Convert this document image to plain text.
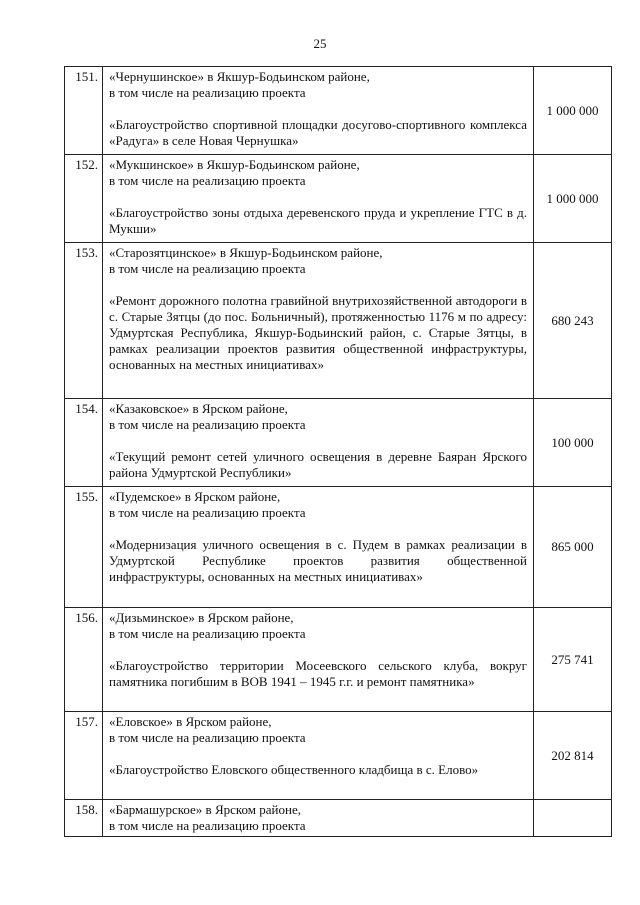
25
151.	«Чернушинское» в Якшур-Бодьинском районе,
в том числе на реализацию проекта
«Благоустройство спортивной площадки досугово-спортивного комплекса «Радуга» в селе Новая Чернушка»	1 000 000
152.	«Мукшинское» в Якшур-Бодьинском районе,
в том числе на реализацию проекта
«Благоустройство зоны отдыха деревенского пруда и укрепление ГТС в д. Мукши»	1 000 000
153.	«Старозятцинское» в Якшур-Бодьинском районе,
в том числе на реализацию проекта
«Ремонт дорожного полотна гравийной внутрихозяйственной автодороги в с. Старые Зятцы (до пос. Больничный), протяженностью 1176 м по адресу: Удмуртская Республика, Якшур-Бодьинский район, с. Старые Зятцы, в рамках реализации проектов развития общественной инфраструктуры, основанных на местных инициативах»	680 243
154.	«Казаковское» в Ярском районе,
в том числе на реализацию проекта
«Текущий ремонт сетей уличного освещения в деревне Баяран Ярского района Удмуртской Республики»	100 000
155.	«Пудемское» в Ярском районе,
в том числе на реализацию проекта
«Модернизация уличного освещения в с. Пудем в рамках реализации в Удмуртской Республике проектов развития общественной инфраструктуры, основанных на местных инициативах»	865 000
156.	«Дизьминское» в Ярском районе,
в том числе на реализацию проекта
«Благоустройство территории Мосеевского сельского клуба, вокруг памятника погибшим в ВОВ 1941 – 1945 г.г. и ремонт памятника»	275 741
157.	«Еловское» в Ярском районе,
в том числе на реализацию проекта
«Благоустройство Еловского общественного кладбища в с. Елово»	202 814
158.	«Бармашурское» в Ярском районе,
в том числе на реализацию проекта	
